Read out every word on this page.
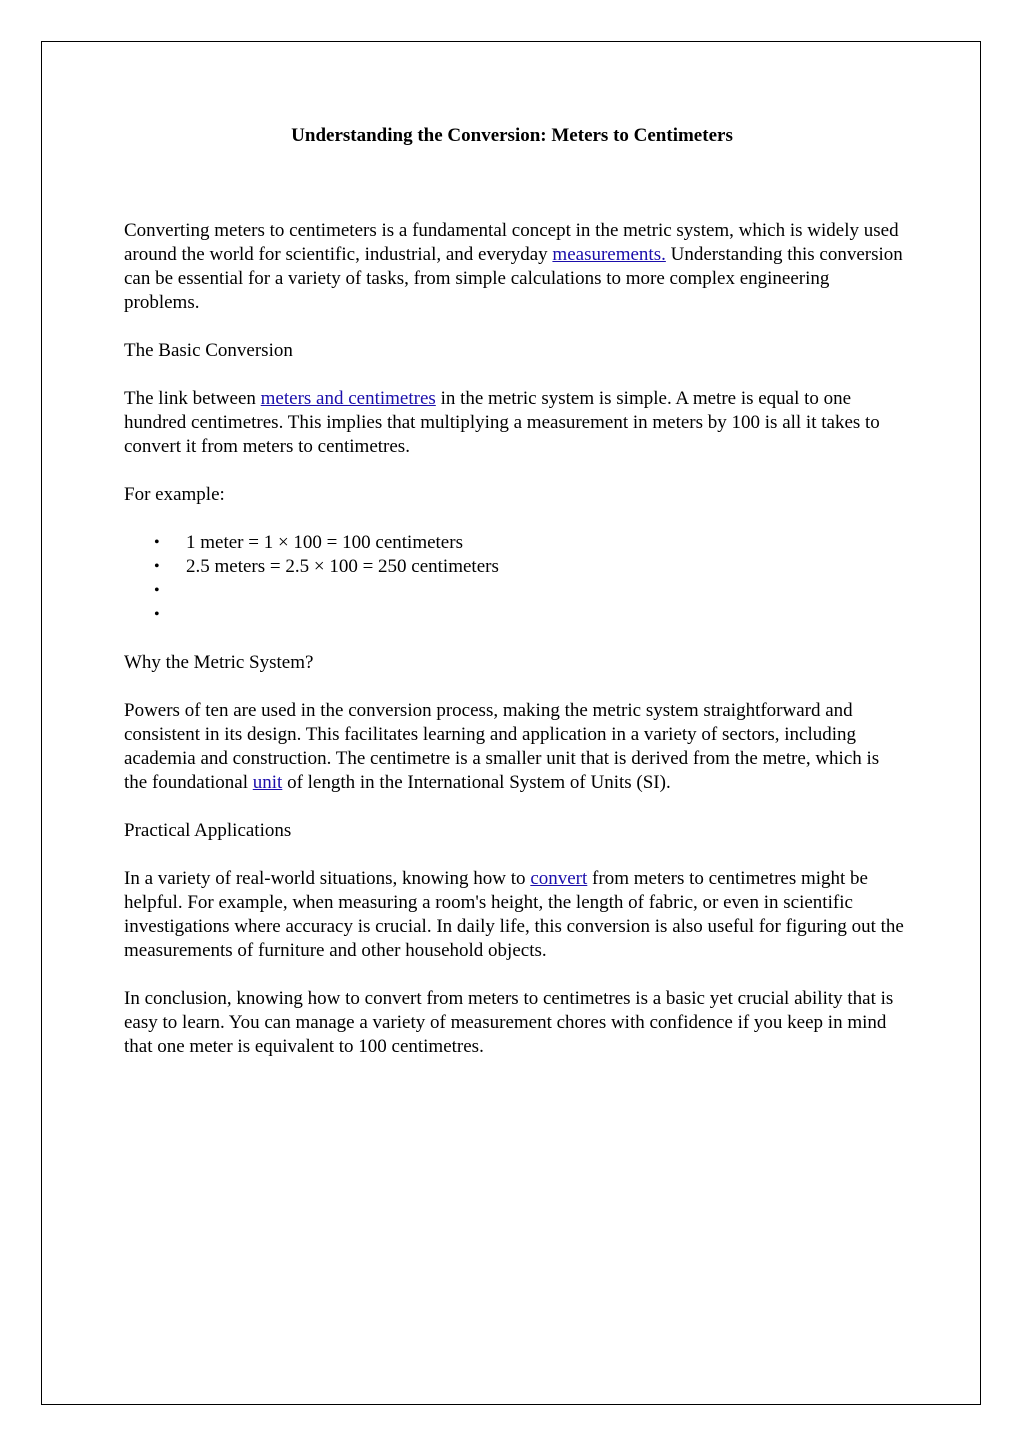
Understanding the Conversion: Meters to Centimeters

Converting meters to centimeters is a fundamental concept in the metric system, which is widely used around the world for scientific, industrial, and everyday measurements. Understanding this conversion can be essential for a variety of tasks, from simple calculations to more complex engineering problems.

The Basic Conversion

The link between meters and centimetres in the metric system is simple. A metre is equal to one hundred centimetres. This implies that multiplying a measurement in meters by 100 is all it takes to convert it from meters to centimetres.

For example:

• 1 meter = 1 × 100 = 100 centimeters
• 2.5 meters = 2.5 × 100 = 250 centimeters
•
•

Why the Metric System?

Powers of ten are used in the conversion process, making the metric system straightforward and consistent in its design. This facilitates learning and application in a variety of sectors, including academia and construction. The centimetre is a smaller unit that is derived from the metre, which is the foundational unit of length in the International System of Units (SI).

Practical Applications

In a variety of real-world situations, knowing how to convert from meters to centimetres might be helpful. For example, when measuring a room's height, the length of fabric, or even in scientific investigations where accuracy is crucial. In daily life, this conversion is also useful for figuring out the measurements of furniture and other household objects.

In conclusion, knowing how to convert from meters to centimetres is a basic yet crucial ability that is easy to learn. You can manage a variety of measurement chores with confidence if you keep in mind that one meter is equivalent to 100 centimetres.
